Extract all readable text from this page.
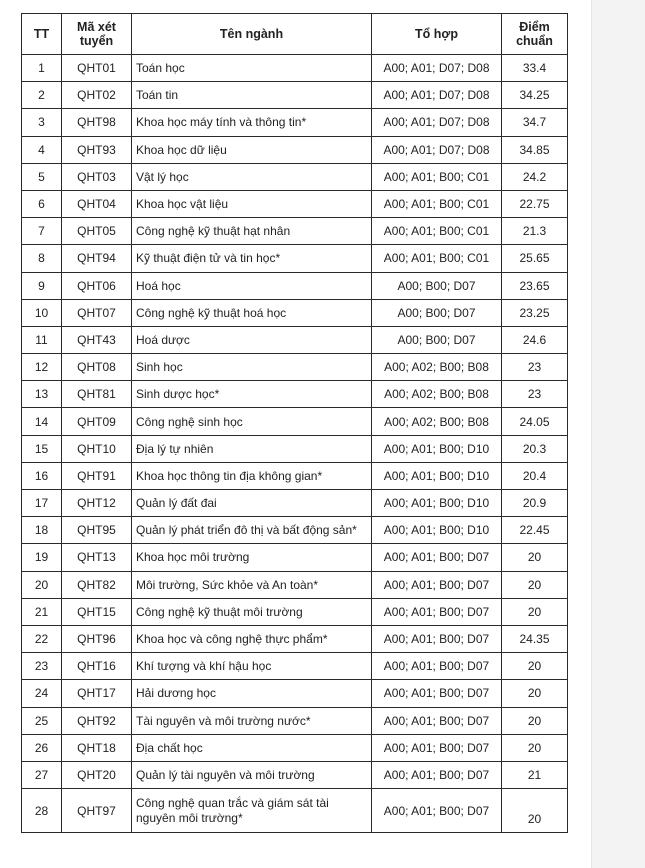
TT	Mã xét tuyển	Tên ngành	Tổ hợp	Điểm chuẩn
1	QHT01	Toán học	A00; A01; D07; D08	33.4
2	QHT02	Toán tin	A00; A01; D07; D08	34.25
3	QHT98	Khoa học máy tính và thông tin*	A00; A01; D07; D08	34.7
4	QHT93	Khoa học dữ liệu	A00; A01; D07; D08	34.85
5	QHT03	Vật lý học	A00; A01; B00; C01	24.2
6	QHT04	Khoa học vật liệu	A00; A01; B00; C01	22.75
7	QHT05	Công nghệ kỹ thuật hạt nhân	A00; A01; B00; C01	21.3
8	QHT94	Kỹ thuật điện tử và tin học*	A00; A01; B00; C01	25.65
9	QHT06	Hoá học	A00; B00; D07	23.65
10	QHT07	Công nghệ kỹ thuật hoá học	A00; B00; D07	23.25
11	QHT43	Hoá dược	A00; B00; D07	24.6
12	QHT08	Sinh học	A00; A02; B00; B08	23
13	QHT81	Sinh dược học*	A00; A02; B00; B08	23
14	QHT09	Công nghệ sinh học	A00; A02; B00; B08	24.05
15	QHT10	Địa lý tự nhiên	A00; A01; B00; D10	20.3
16	QHT91	Khoa học thông tin địa không gian*	A00; A01; B00; D10	20.4
17	QHT12	Quản lý đất đai	A00; A01; B00; D10	20.9
18	QHT95	Quản lý phát triển đô thị và bất động sản*	A00; A01; B00; D10	22.45
19	QHT13	Khoa học môi trường	A00; A01; B00; D07	20
20	QHT82	Môi trường, Sức khỏe và An toàn*	A00; A01; B00; D07	20
21	QHT15	Công nghệ kỹ thuật môi trường	A00; A01; B00; D07	20
22	QHT96	Khoa học và công nghệ thực phẩm*	A00; A01; B00; D07	24.35
23	QHT16	Khí tượng và khí hậu học	A00; A01; B00; D07	20
24	QHT17	Hải dương học	A00; A01; B00; D07	20
25	QHT92	Tài nguyên và môi trường nước*	A00; A01; B00; D07	20
26	QHT18	Địa chất học	A00; A01; B00; D07	20
27	QHT20	Quản lý tài nguyên và môi trường	A00; A01; B00; D07	21
28	QHT97	Công nghệ quan trắc và giám sát tài nguyên môi trường*	A00; A01; B00; D07	20
